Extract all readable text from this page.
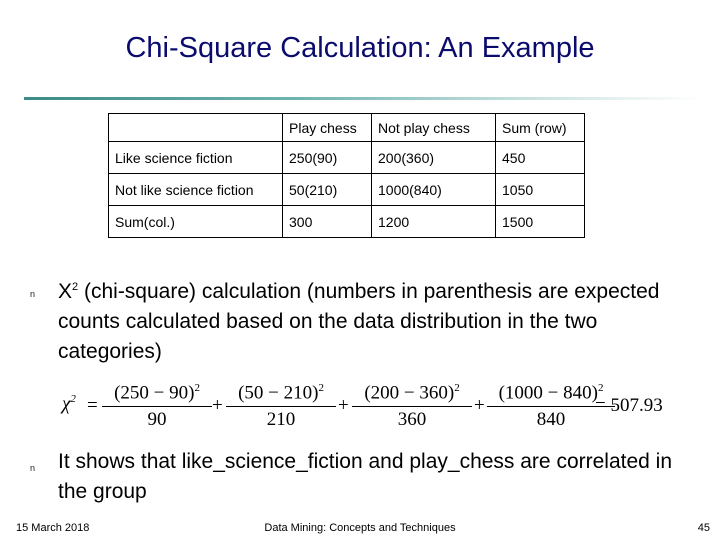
Chi-Square Calculation: An Example
	Play chess	Not play chess	Sum (row)
Like science fiction	250(90)	200(360)	450
Not like science fiction	50(210)	1000(840)	1050
Sum(col.)	300	1200	1500
n $X^2$ (chi-square) calculation (numbers in parenthesis are expected counts calculated based on the data distribution in the two categories)
$\chi^2 = \frac{(250 - 90)^2}{90} + \frac{(50 - 210)^2}{210} + \frac{(200 - 360)^2}{360} + \frac{(1000 - 840)^2}{840}$
= 507.93
n It shows that like_science_fiction and play_chess are correlated in the group
15 March 2018	Data Mining: Concepts and Techniques	45
